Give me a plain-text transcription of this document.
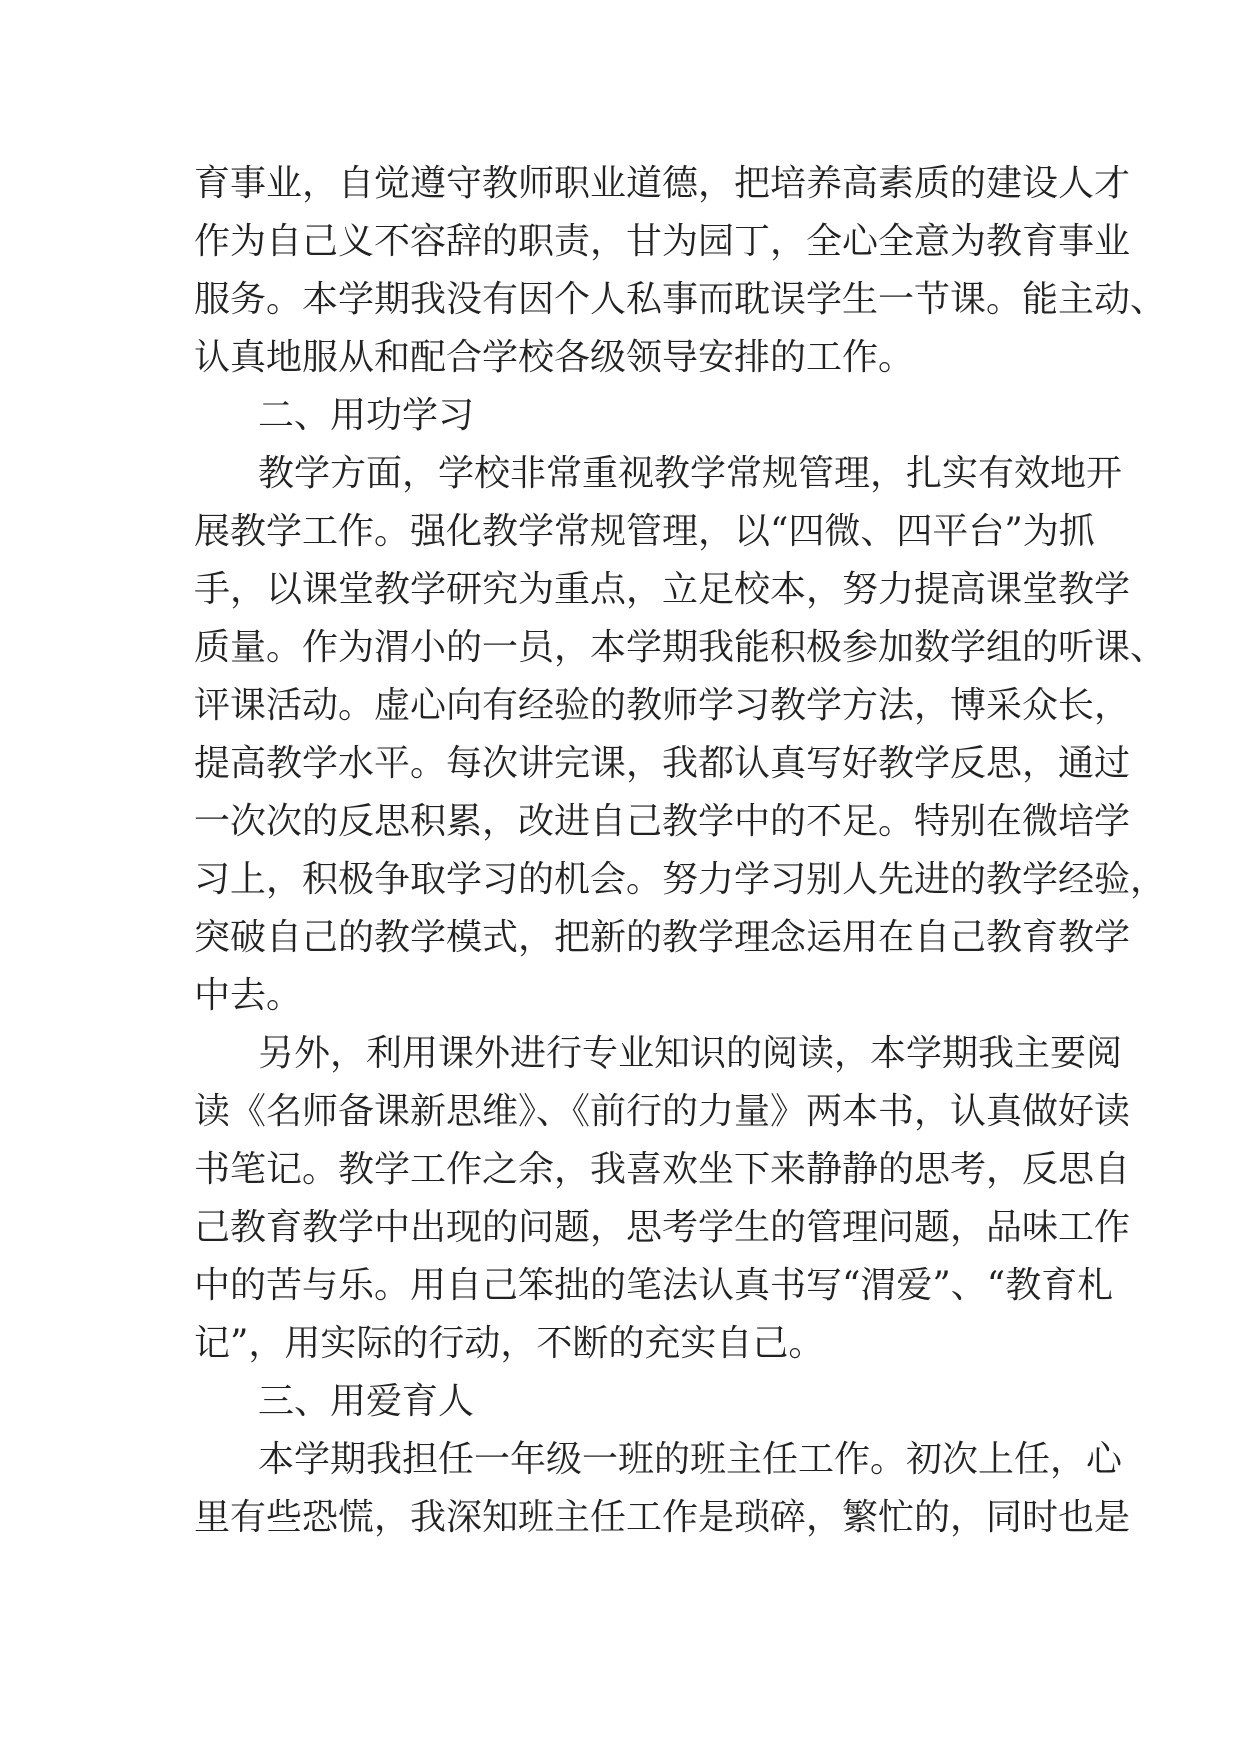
育事业，自觉遵守教师职业道德，把培养高素质的建设人才
作为自己义不容辞的职责，甘为园丁，全心全意为教育事业
服务。本学期我没有因个人私事而耽误学生一节课。能主动、
认真地服从和配合学校各级领导安排的工作。
二、用功学习
教学方面，学校非常重视教学常规管理，扎实有效地开
展教学工作。强化教学常规管理，以“四微、四平台”为抓
手，以课堂教学研究为重点，立足校本，努力提高课堂教学
质量。作为渭小的一员，本学期我能积极参加数学组的听课、
评课活动。虚心向有经验的教师学习教学方法，博采众长，
提高教学水平。每次讲完课，我都认真写好教学反思，通过
一次次的反思积累，改进自己教学中的不足。特别在微培学
习上，积极争取学习的机会。努力学习别人先进的教学经验，
突破自己的教学模式，把新的教学理念运用在自己教育教学
中去。
另外，利用课外进行专业知识的阅读，本学期我主要阅
读《名师备课新思维》、《前行的力量》两本书，认真做好读
书笔记。教学工作之余，我喜欢坐下来静静的思考，反思自
己教育教学中出现的问题，思考学生的管理问题，品味工作
中的苦与乐。用自己笨拙的笔法认真书写“渭爱”、“教育札
记”，用实际的行动，不断的充实自己。
三、用爱育人
本学期我担任一年级一班的班主任工作。初次上任，心
里有些恐慌，我深知班主任工作是琐碎，繁忙的，同时也是
